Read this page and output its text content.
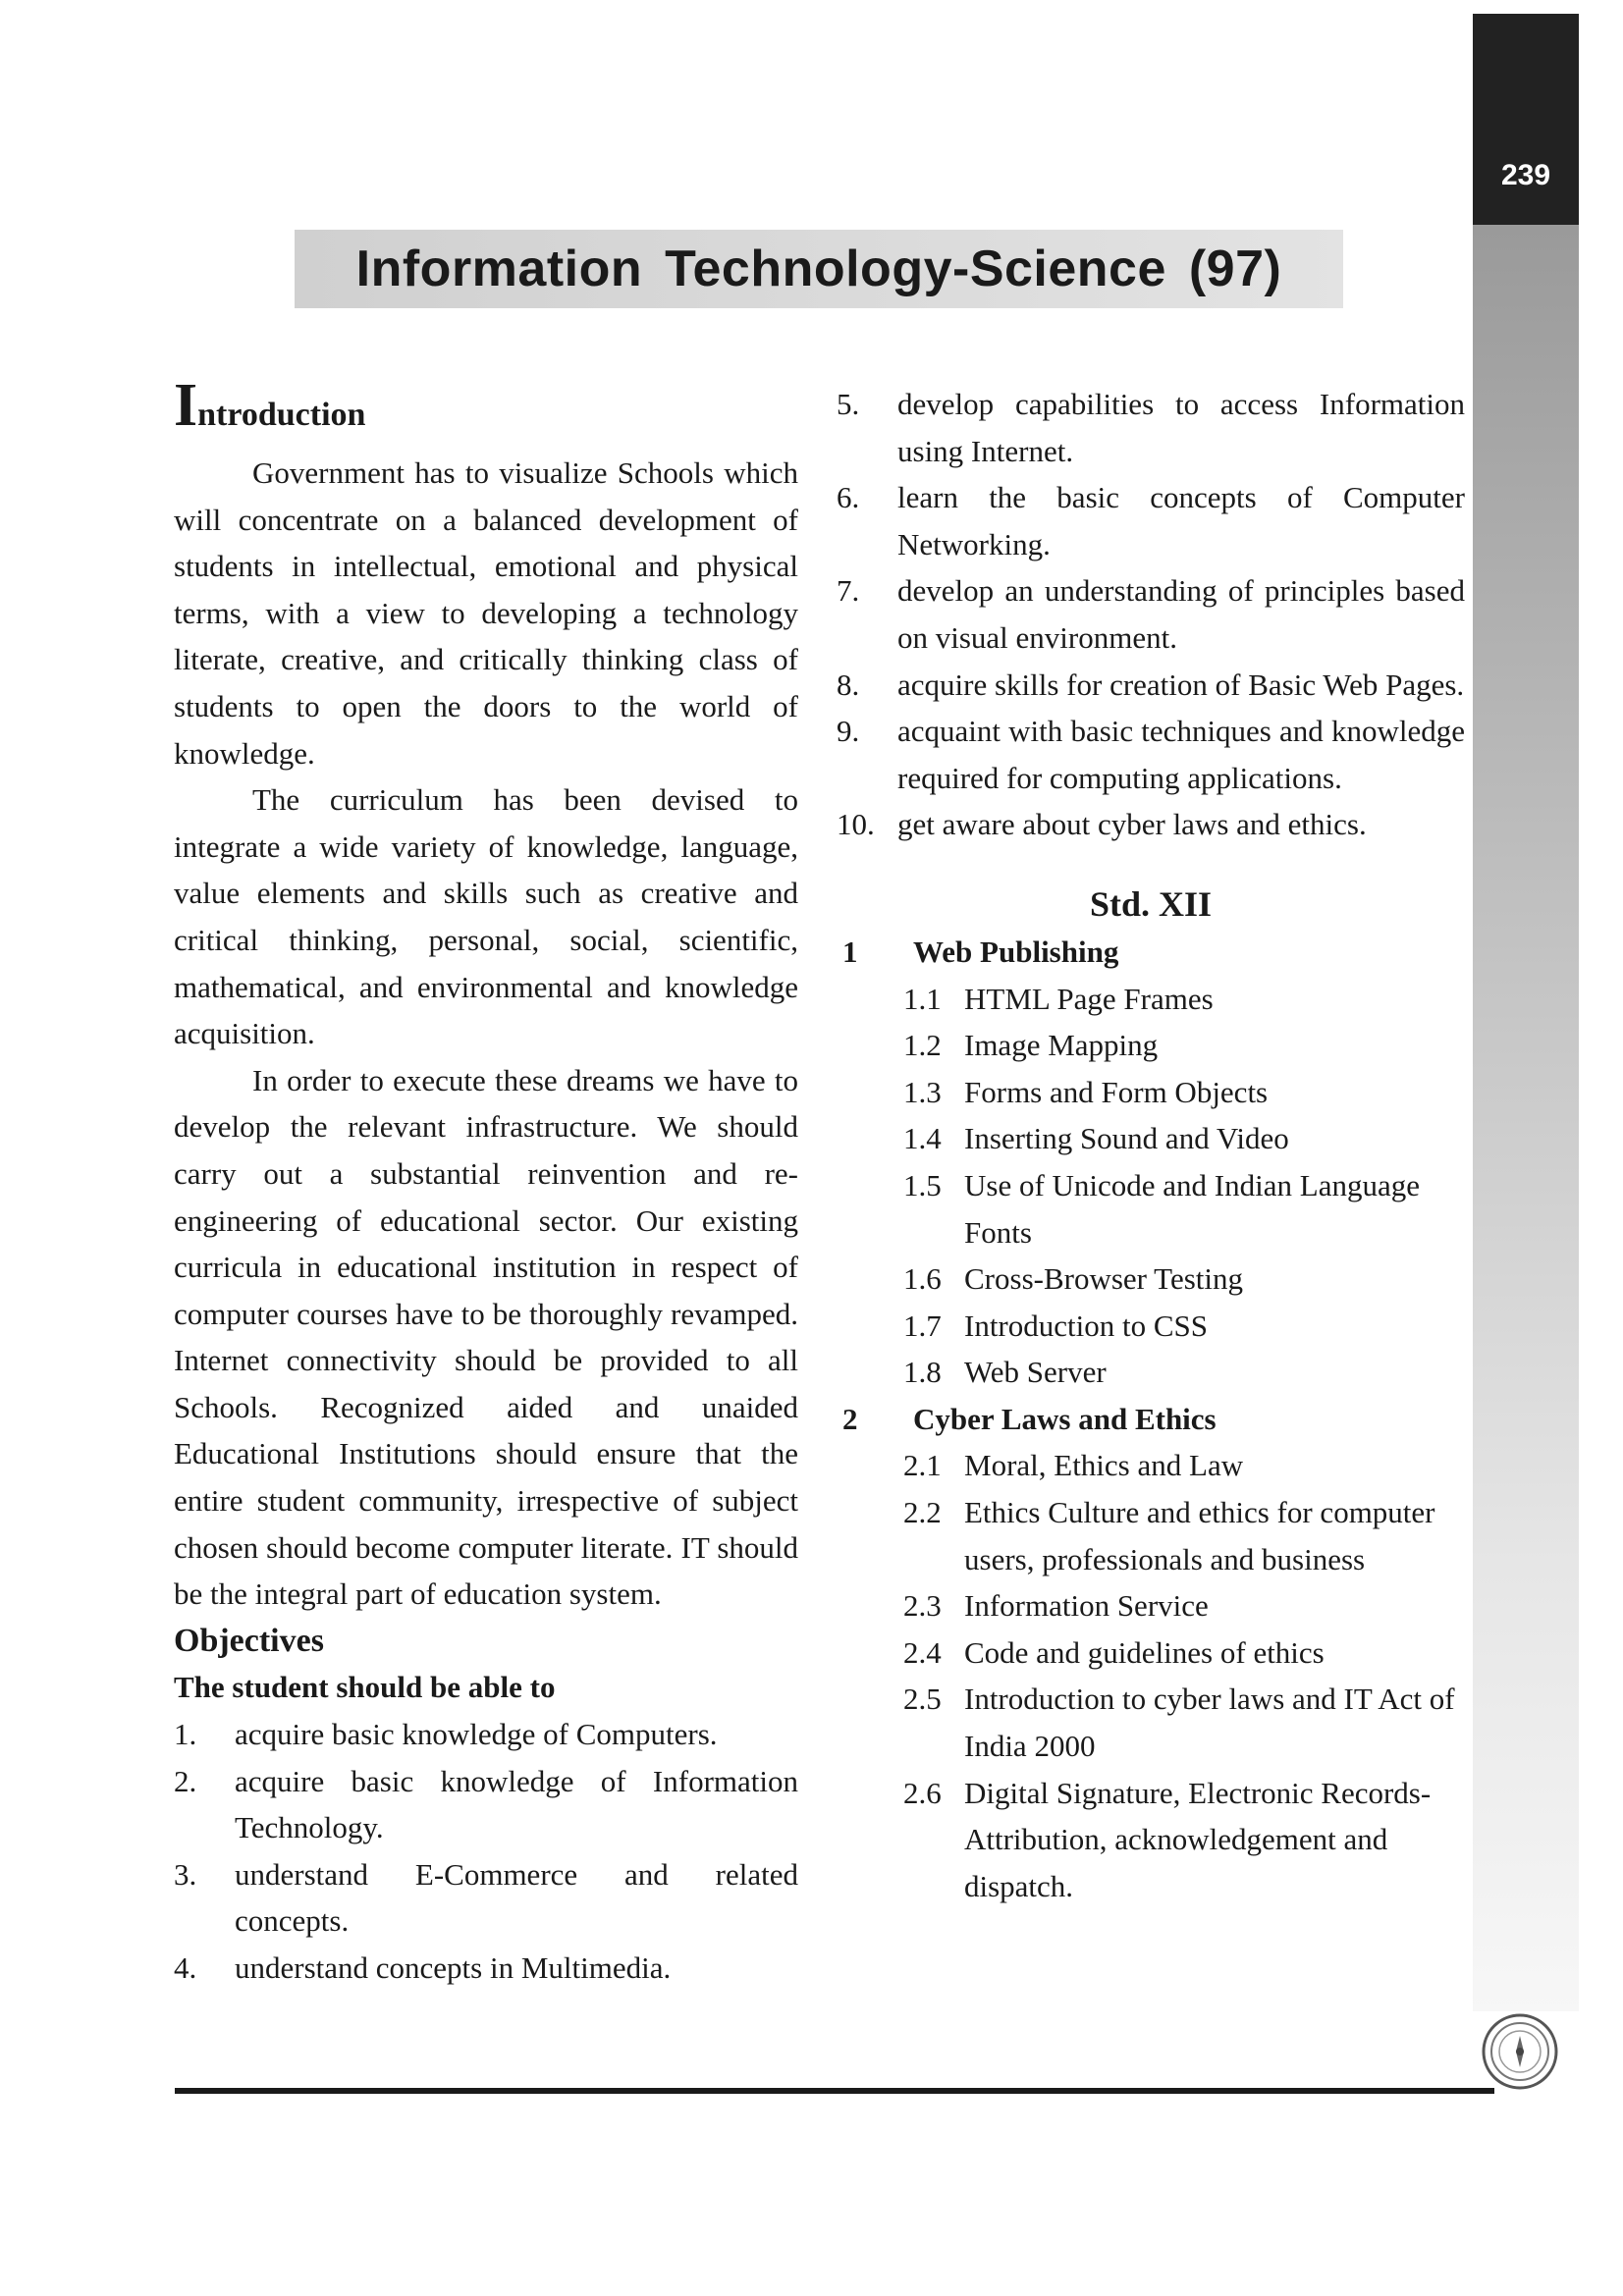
239
Information Technology-Science (97)
Introduction

Government has to visualize Schools which will concentrate on a balanced development of students in intellectual, emotional and physical terms, with a view to developing a technology literate, creative, and critically thinking class of students to open the doors to the world of knowledge.

The curriculum has been devised to integrate a wide variety of knowledge, language, value elements and skills such as creative and critical thinking, personal, social, scientific, mathematical, and environmental and knowledge acquisition.

In order to execute these dreams we have to develop the relevant infrastructure. We should carry out a substantial reinvention and re-engineering of educational sector. Our existing curricula in educational institution in respect of computer courses have to be thoroughly revamped. Internet connectivity should be provided to all Schools. Recognized aided and unaided Educational Institutions should ensure that the entire student community, irrespective of subject chosen should become computer literate. IT should be the integral part of education system.

Objectives
The student should be able to
1.	acquire basic knowledge of Computers.
2.	acquire basic knowledge of Information Technology.
3.	understand E-Commerce and related concepts.
4.	understand concepts in Multimedia.
5.	develop capabilities to access Information using Internet.
6.	learn the basic concepts of Computer Networking.
7.	develop an understanding of principles based on visual environment.
8.	acquire skills for creation of Basic Web Pages.
9.	acquaint with basic techniques and knowledge required for computing applications.
10. get aware about cyber laws and ethics.
Std. XII
1	Web Publishing
1.1 HTML Page Frames
1.2 Image Mapping
1.3 Forms and Form Objects
1.4 Inserting Sound and Video
1.5 Use of Unicode and Indian Language Fonts
1.6 Cross-Browser Testing
1.7 Introduction to CSS
1.8 Web Server
2	Cyber Laws and Ethics
2.1 Moral, Ethics and Law
2.2 Ethics Culture and ethics for computer users, professionals and business
2.3 Information Service
2.4 Code and guidelines of ethics
2.5 Introduction to cyber laws and IT Act of India 2000
2.6 Digital Signature, Electronic Records-Attribution, acknowledgement and dispatch.
